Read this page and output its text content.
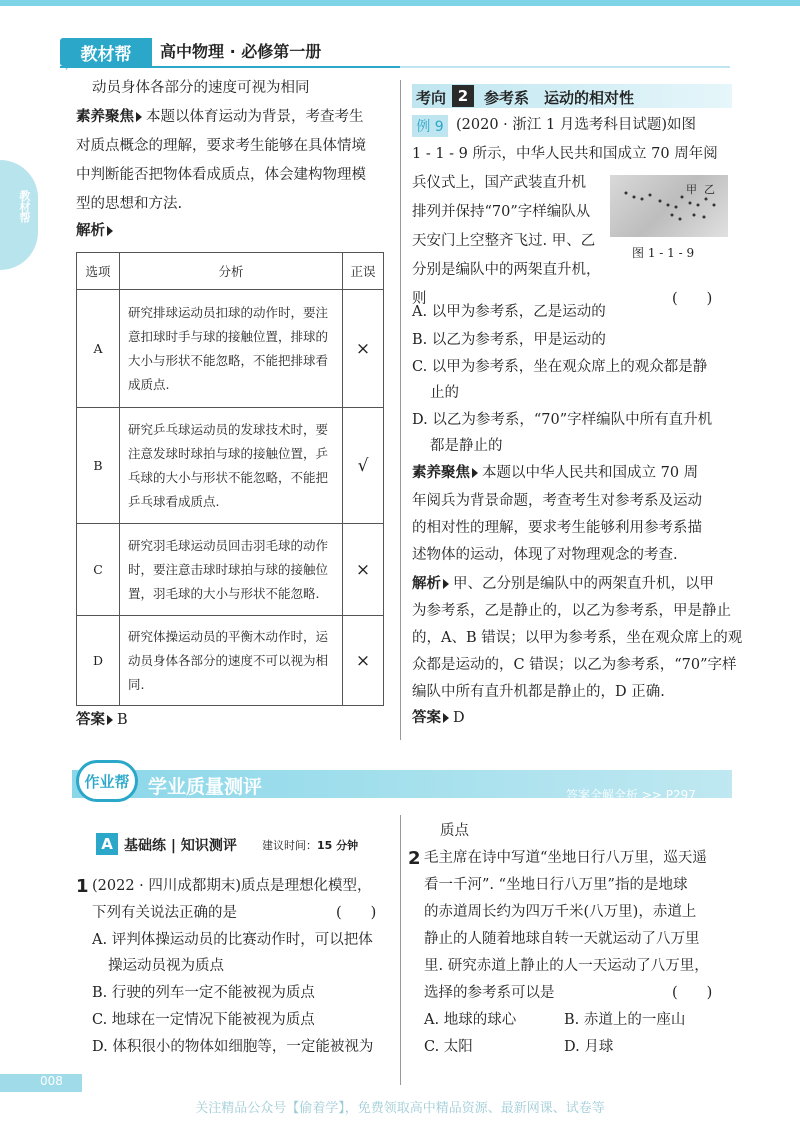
教材帮	高中物理 · 必修第一册
教材帮

动员身体各部分的速度可视为相同

素养聚焦 本题以体育运动为背景，考查考生

对质点概念的理解，要求考生能够在具体情境

中判断能否把物体看成质点，体会建构物理模

型的思想和方法.

解析

选项	分析	正误
A	研究排球运动员扣球的动作时，要注意扣球时手与球的接触位置，排球的大小与形状不能忽略，不能把排球看成质点.	×
B	研究乒乓球运动员的发球技术时，要注意发球时球拍与球的接触位置，乒乓球的大小与形状不能忽略，不能把乒乓球看成质点.	√
C	研究羽毛球运动员回击羽毛球的动作时，要注意击球时球拍与球的接触位置，羽毛球的大小与形状不能忽略.	×
D	研究体操运动员的平衡木动作时，运动员身体各部分的速度不可以视为相同.	×

答案 B

考向 2	参考系　运动的相对性
例 9 (2020 · 浙江 1 月选考科目试题)如图

1 - 1 - 9 所示，中华人民共和国成立 70 周年阅

兵仪式上，国产武装直升机

排列并保持“70”字样编队从

天安门上空整齐飞过. 甲、乙

分别是编队中的两架直升机，

则	(　　)

甲 乙
图 1 - 1 - 9

A. 以甲为参考系，乙是运动的

B. 以乙为参考系，甲是运动的

C. 以甲为参考系，坐在观众席上的观众都是静

止的

D. 以乙为参考系，“70”字样编队中所有直升机

都是静止的

素养聚焦 本题以中华人民共和国成立 70 周

年阅兵为背景命题，考查考生对参考系及运动

的相对性的理解，要求考生能够利用参考系描

述物体的运动，体现了对物理观念的考查.

解析 甲、乙分别是编队中的两架直升机，以甲

为参考系，乙是静止的，以乙为参考系，甲是静止

的，A、B 错误；以甲为参考系，坐在观众席上的观

众都是运动的，C 错误；以乙为参考系，“70”字样

编队中所有直升机都是静止的，D 正确.

答案 D

作业帮 学业质量测评	答案全解全析 >> P297
A 基础练 | 知识测评 建议时间：15 分钟
1 (2022 · 四川成都期末)质点是理想化模型，

下列有关说法正确的是	(　　)

A. 评判体操运动员的比赛动作时，可以把体

操运动员视为质点

B. 行驶的列车一定不能被视为质点

C. 地球在一定情况下能被视为质点

D. 体积很小的物体如细胞等，一定能被视为

质点

2 毛主席在诗中写道“坐地日行八万里，巡天遥

看一千河”. “坐地日行八万里”指的是地球

的赤道周长约为四万千米(八万里)，赤道上

静止的人随着地球自转一天就运动了八万里

里. 研究赤道上静止的人一天运动了八万里，

选择的参考系可以是	(　　)

A. 地球的球心	B. 赤道上的一座山

C. 太阳	D. 月球

008
关注精品公众号【偷着学】，免费领取高中精品资源、最新网课、试卷等
